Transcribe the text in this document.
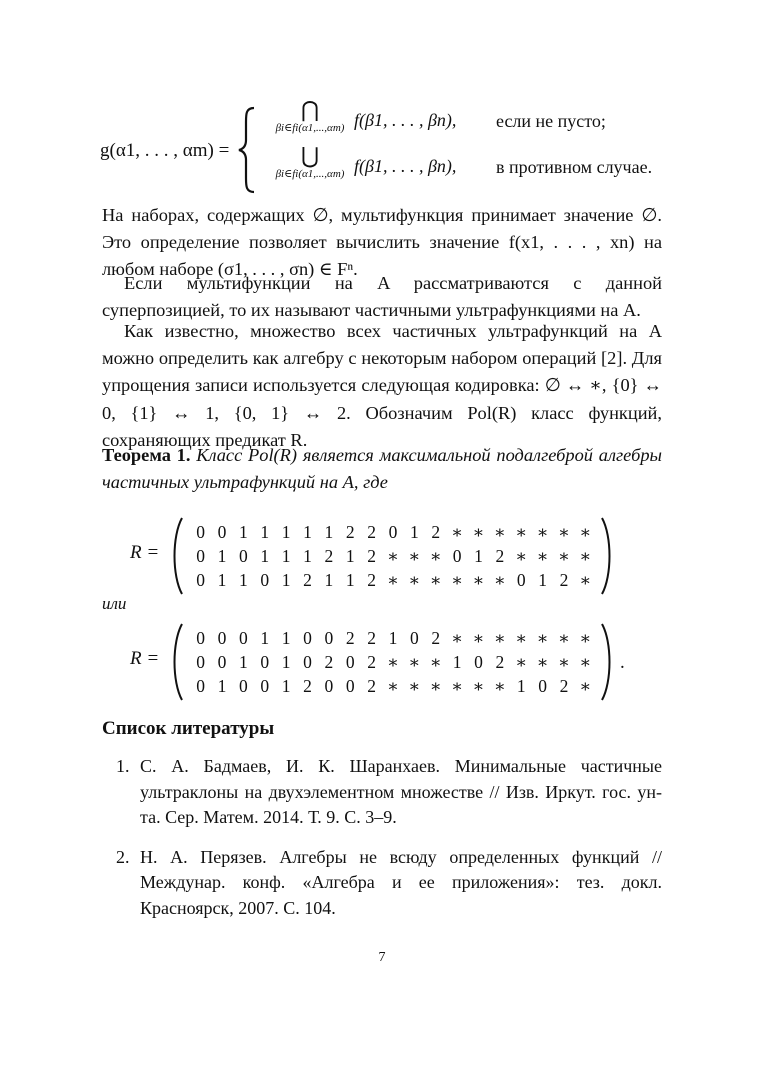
g(α1, . . . , αm) =
⋂
βi∈fi(α1,...,αm) f(β1, . . . , βn), если не пусто;
⋃
βi∈fi(α1,...,αm) f(β1, . . . , βn), в противном случае.

На наборах, содержащих ∅, мультифункция принимает значение ∅. Это определение позволяет вычислить значение f(x1, . . . , xn) на любом наборе (σ1, . . . , σn) ∈ Fⁿ.

Если мультифункции на A рассматриваются с данной суперпозицией, то их называют частичными ультрафункциями на A.

Как известно, множество всех частичных ультрафункций на A можно определить как алгебру с некоторым набором операций [2]. Для упрощения записи используется следующая кодировка: ∅ ↔ ∗, {0} ↔ 0, {1} ↔ 1, {0, 1} ↔ 2. Обозначим Pol(R) класс функций, сохраняющих предикат R.

Теорема 1. Класс Pol(R) является максимальной подалгеброй алгебры частичных ультрафункций на A, где

R =
0 0 1 1 1 1 1 2 2 0 1 2 ∗ ∗ ∗ ∗ ∗ ∗ ∗
0 1 0 1 1 1 2 1 2 ∗ ∗ ∗ 0 1 2 ∗ ∗ ∗ ∗
0 1 1 0 1 2 1 1 2 ∗ ∗ ∗ ∗ ∗ ∗ 0 1 2 ∗
или
R =
0 0 0 1 1 0 0 2 2 1 0 2 ∗ ∗ ∗ ∗ ∗ ∗ ∗
0 0 1 0 1 0 2 0 2 ∗ ∗ ∗ 1 0 2 ∗ ∗ ∗ ∗
0 1 0 0 1 2 0 0 2 ∗ ∗ ∗ ∗ ∗ ∗ 1 0 2 ∗
.
Список литературы
1. С. А. Бадмаев, И. К. Шаранхаев. Минимальные частичные ультраклоны на двухэлементном множестве // Изв. Иркут. гос. ун-та. Сер. Матем. 2014. Т. 9. С. 3–9.
2. Н. А. Перязев. Алгебры не всюду определенных функций // Междунар. конф. «Алгебра и ее приложения»: тез. докл. Красноярск, 2007. С. 104.
7
